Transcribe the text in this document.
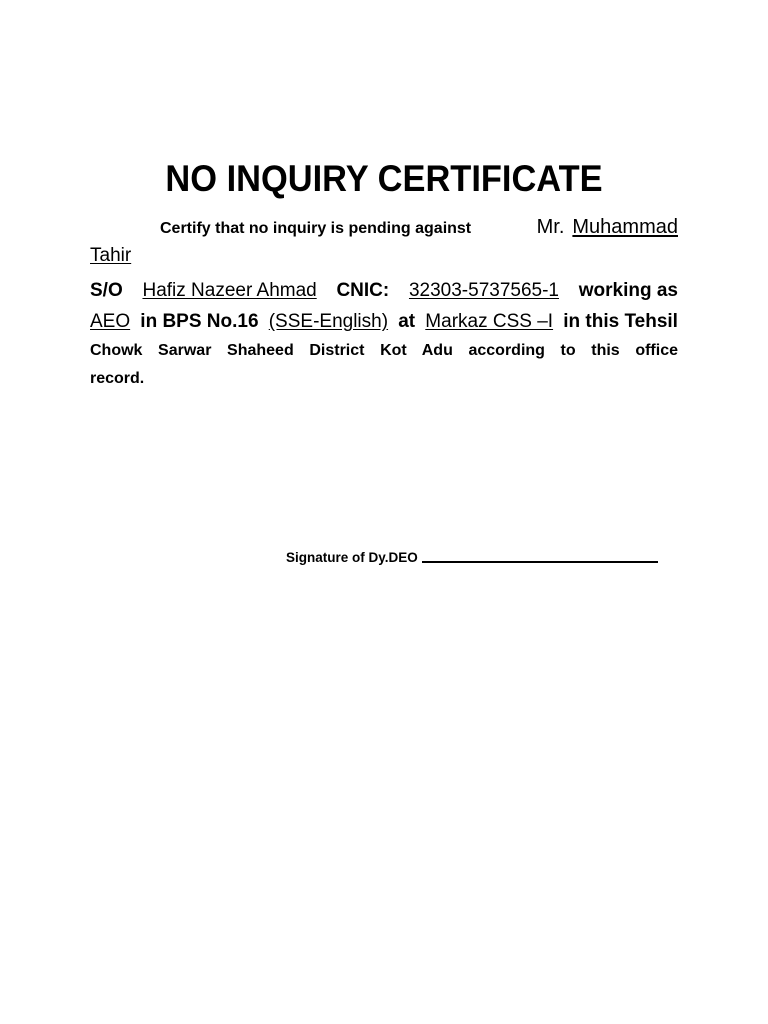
NO INQUIRY CERTIFICATE
Certify that no inquiry is pending against	Mr. Muhammad
Tahir
S/O Hafiz Nazeer Ahmad CNIC: 32303-5737565-1 working as
AEO in BPS No.16 (SSE-English) at Markaz CSS –I in this Tehsil
Chowk Sarwar Shaheed District Kot Adu according to this office
record.
Signature of Dy.DEO
